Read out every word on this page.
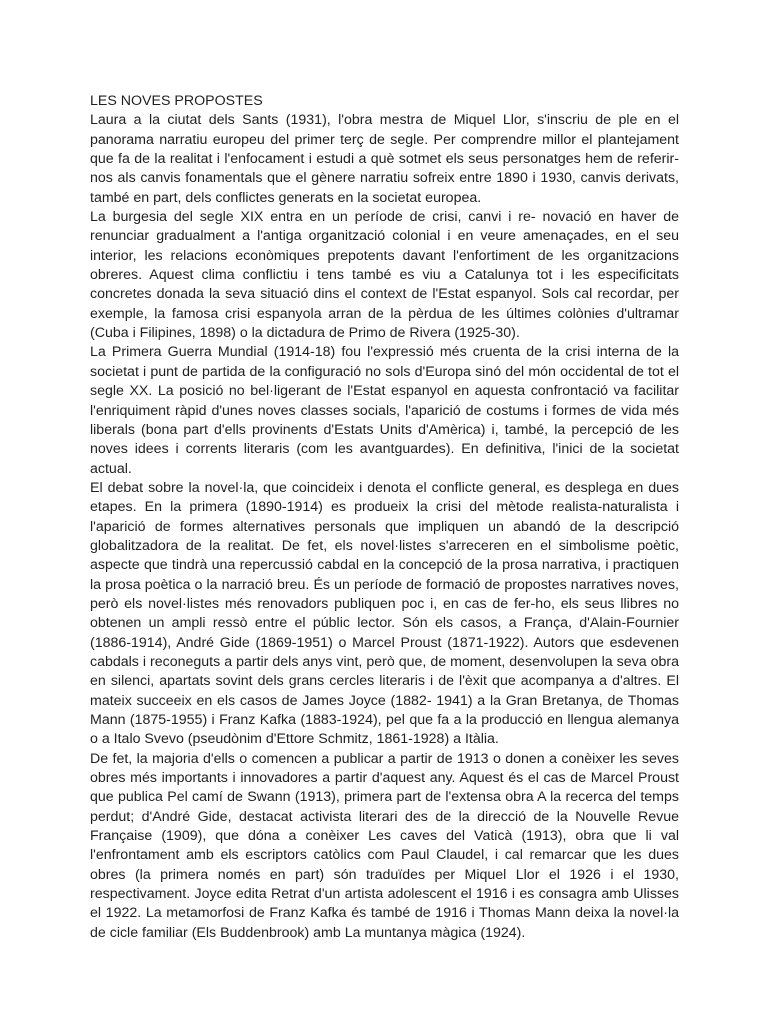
LES NOVES PROPOSTES

Laura a la ciutat dels Sants (1931), l'obra mestra de Miquel Llor, s'inscriu de ple en el panorama narratiu europeu del primer terç de segle. Per comprendre millor el plantejament que fa de la realitat i l'enfocament i estudi a què sotmet els seus personatges hem de referir-nos als canvis fonamentals que el gènere narratiu sofreix entre 1890 i 1930, canvis derivats, també en part, dels conflictes generats en la societat europea.

La burgesia del segle XIX entra en un període de crisi, canvi i re- novació en haver de renunciar gradualment a l'antiga organització colonial i en veure amenaçades, en el seu interior, les relacions econòmiques prepotents davant l'enfortiment de les organitzacions obreres. Aquest clima conflictiu i tens també es viu a Catalunya tot i les especificitats concretes donada la seva situació dins el context de l'Estat espanyol. Sols cal recordar, per exemple, la famosa crisi espanyola arran de la pèrdua de les últimes colònies d'ultramar (Cuba i Filipines, 1898) o la dictadura de Primo de Rivera (1925-30).

La Primera Guerra Mundial (1914-18) fou l'expressió més cruenta de la crisi interna de la societat i punt de partida de la configuració no sols d'Europa sinó del món occidental de tot el segle XX. La posició no bel·ligerant de l'Estat espanyol en aquesta confrontació va facilitar l'enriquiment ràpid d'unes noves classes socials, l'aparició de costums i formes de vida més liberals (bona part d'ells provinents d'Estats Units d'Amèrica) i, també, la percepció de les noves idees i corrents literaris (com les avantguardes). En definitiva, l'inici de la societat actual.

El debat sobre la novel·la, que coincideix i denota el conflicte general, es desplega en dues etapes. En la primera (1890-1914) es produeix la crisi del mètode realista-naturalista i l'aparició de formes alternatives personals que impliquen un abandó de la descripció globalitzadora de la realitat. De fet, els novel·listes s'arreceren en el simbolisme poètic, aspecte que tindrà una repercussió cabdal en la concepció de la prosa narrativa, i practiquen la prosa poètica o la narració breu. És un període de formació de propostes narratives noves, però els novel·listes més renovadors publiquen poc i, en cas de fer-ho, els seus llibres no obtenen un ampli ressò entre el públic lector. Són els casos, a França, d'Alain-Fournier (1886-1914), André Gide (1869-1951) o Marcel Proust (1871-1922). Autors que esdevenen cabdals i reconeguts a partir dels anys vint, però que, de moment, desenvolupen la seva obra en silenci, apartats sovint dels grans cercles literaris i de l'èxit que acompanya a d'altres. El mateix succeeix en els casos de James Joyce (1882- 1941) a la Gran Bretanya, de Thomas Mann (1875-1955) i Franz Kafka (1883-1924), pel que fa a la producció en llengua alemanya o a Italo Svevo (pseudònim d'Ettore Schmitz, 1861-1928) a Itàlia.

De fet, la majoria d'ells o comencen a publicar a partir de 1913 o donen a conèixer les seves obres més importants i innovadores a partir d'aquest any. Aquest és el cas de Marcel Proust que publica Pel camí de Swann (1913), primera part de l'extensa obra A la recerca del temps perdut; d'André Gide, destacat activista literari des de la direcció de la Nouvelle Revue Française (1909), que dóna a conèixer Les caves del Vaticà (1913), obra que li val l'enfrontament amb els escriptors catòlics com Paul Claudel, i cal remarcar que les dues obres (la primera només en part) són traduïdes per Miquel Llor el 1926 i el 1930, respectivament. Joyce edita Retrat d'un artista adolescent el 1916 i es consagra amb Ulisses el 1922. La metamorfosi de Franz Kafka és també de 1916 i Thomas Mann deixa la novel·la de cicle familiar (Els Buddenbrook) amb La muntanya màgica (1924).
